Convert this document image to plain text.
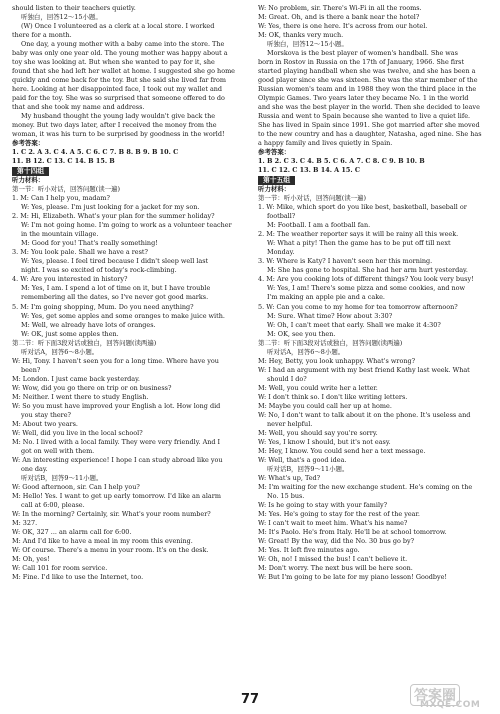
should listen to their teachers quietly.
听独白，回答12～15小题。
(W) Once I volunteered as a clerk at a local store. I worked
there for a month.
One day, a young mother with a baby came into the store. The
baby was only one year old. The young mother was happy about a
toy she was looking at. But when she wanted to pay for it, she
found that she had left her wallet at home. I suggested she go home
quickly and come back for the toy. But she said she lived far from
here. Looking at her disappointed face, I took out my wallet and
paid for the toy. She was so surprised that someone offered to do
that and she took my name and address.
My husband thought the young lady wouldn't give back the
money. But two days later, after I received the money from the
woman, it was his turn to be surprised by goodness in the world!
参考答案：
1. C 2. A 3. C 4. A 5. C 6. C 7. B 8. B 9. B 10. C
11. B 12. C 13. C 14. B 15. B
第十四组
听力材料：
第一节：听小对话，回答问题(读一遍)
1. M: Can I help you, madam?
W: Yes, please. I'm just looking for a jacket for my son.
2. M: Hi, Elizabeth. What's your plan for the summer holiday?
W: I'm not going home. I'm going to work as a volunteer teacher
in the mountain village.
M: Good for you! That's really something!
3. M: You look pale. Shall we have a rest?
W: Yes, please. I feel tired because I didn't sleep well last
night. I was so excited of today's rock-climbing.
4. W: Are you interested in history?
M: Yes, I am. I spend a lot of time on it, but I have trouble
remembering all the dates, so I've never got good marks.
5. M: I'm going shopping, Mum. Do you need anything?
W: Yes, get some apples and some oranges to make juice with.
M: Well, we already have lots of oranges.
W: OK, just some apples then.
第二节：听下面3段对话或独白，回答问题(读两遍)
听对话A，回答6～8小题。
W: Hi, Tony. I haven't seen you for a long time. Where have you
been?
M: London. I just came back yesterday.
W: Wow, did you go there on trip or on business?
M: Neither. I went there to study English.
W: So you must have improved your English a lot. How long did
you stay there?
M: About two years.
W: Well, did you live in the local school?
M: No. I lived with a local family. They were very friendly. And I
got on well with them.
W: An interesting experience! I hope I can study abroad like you
one day.
听对话B，回答9～11小题。
W: Good afternoon, sir. Can I help you?
M: Hello! Yes. I want to get up early tomorrow. I'd like an alarm
call at 6:00, please.
W: In the morning? Certainly, sir. What's your room number?
M: 327.
W: OK, 327 ... an alarm call for 6:00.
M: And I'd like to have a meal in my room this evening.
W: Of course. There's a menu in your room. It's on the desk.
M: Oh, yes!
W: Call 101 for room service.
M: Fine. I'd like to use the Internet, too.
W: No problem, sir. There's Wi-Fi in all the rooms.
M: Great. Oh, and is there a bank near the hotel?
W: Yes, there is one here. It's across from our hotel.
M: OK, thanks very much.
听独白，回答12～15小题。
Morskova is the best player of women's handball. She was
born in Rostov in Russia on the 17th of January, 1966. She first
started playing handball when she was twelve, and she has been a
good player since she was sixteen. She was the star member of the
Russian women's team and in 1988 they won the third place in the
Olympic Games. Two years later they became No. 1 in the world
and she was the best player in the world. Then she decided to leave
Russia and went to Spain because she wanted to live a quiet life.
She has lived in Spain since 1991. She got married after she moved
to the new country and has a daughter, Natasha, aged nine. She has
a happy family and lives quietly in Spain.
参考答案：
1. B 2. C 3. C 4. B 5. C 6. A 7. C 8. C 9. B 10. B
11. C 12. C 13. B 14. A 15. C
第十五组
听力材料：
第一节：听小对话，回答问题(读一遍)
1. W: Mike, which sport do you like best, basketball, baseball or
football?
M: Football. I am a football fan.
2. M: The weather reporter says it will be rainy all this week.
W: What a pity! Then the game has to be put off till next
Monday.
3. W: Where is Katy? I haven't seen her this morning.
M: She has gone to hospital. She had her arm hurt yesterday.
4. M: Are you cooking lots of different things? You look very busy!
W: Yes, I am! There's some pizza and some cookies, and now
I'm making an apple pie and a cake.
5. W: Can you come to my home for tea tomorrow afternoon?
M: Sure. What time? How about 3:30?
W: Oh, I can't meet that early. Shall we make it 4:30?
M: OK, see you then.
第二节：听下面3段对话或独白，回答问题(读两遍)
听对话A，回答6～8小题。
M: Hey, Betty, you look unhappy. What's wrong?
W: I had an argument with my best friend Kathy last week. What
should I do?
M: Well, you could write her a letter.
W: I don't think so. I don't like writing letters.
M: Maybe you could call her up at home.
W: No, I don't want to talk about it on the phone. It's useless and
never helpful.
M: Well, you should say you're sorry.
W: Yes, I know I should, but it's not easy.
M: Hey, I know. You could send her a text message.
W: Well, that's a good idea.
听对话B，回答9～11小题。
W: What's up, Ted?
M: I'm waiting for the new exchange student. He's coming on the
No. 15 bus.
W: Is he going to stay with your family?
M: Yes. He's going to stay for the rest of the year.
W: I can't wait to meet him. What's his name?
M: It's Paolo. He's from Italy. He'll be at school tomorrow.
W: Great! By the way, did the No. 30 bus go by?
M: Yes. It left five minutes ago.
W: Oh, no! I missed the bus! I can't believe it.
M: Don't worry. The next bus will be here soon.
W: But I'm going to be late for my piano lesson! Goodbye!
77	答案圈
MXQE.COM
